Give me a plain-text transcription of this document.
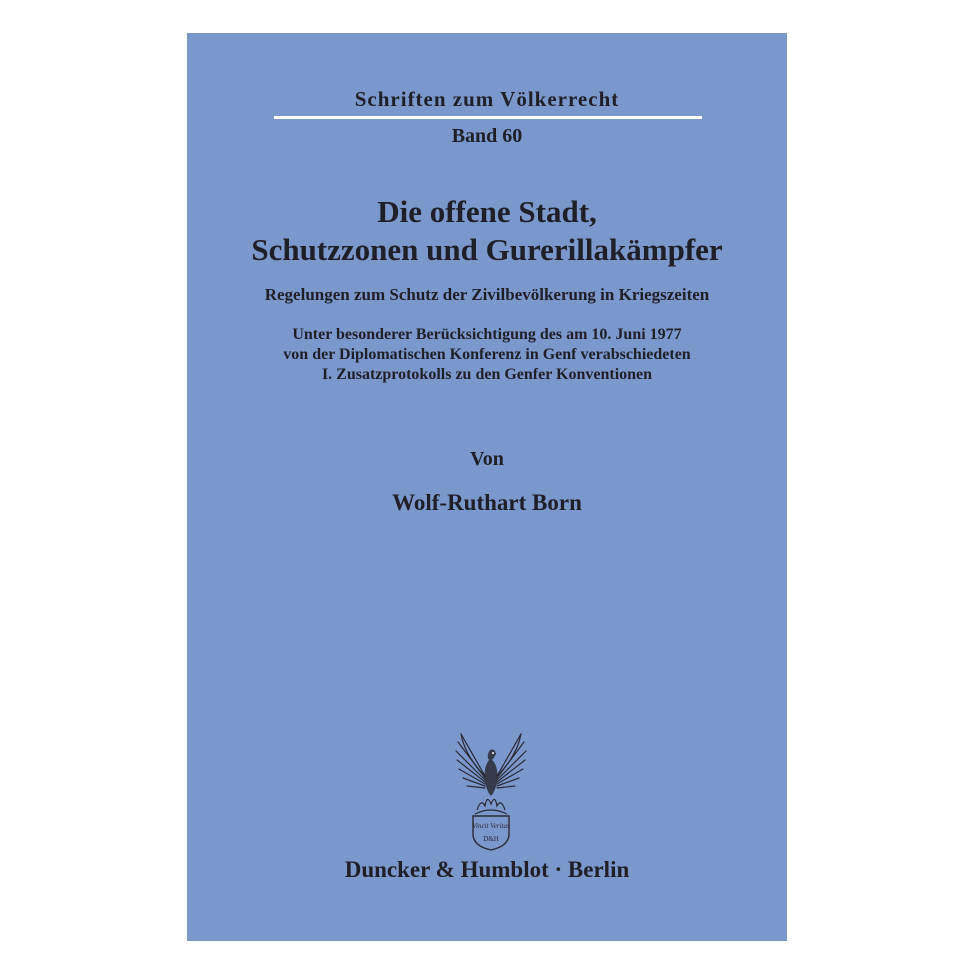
Schriften zum Völkerrecht
Band 60
Die offene Stadt,
Schutzzonen und Gurerillakämpfer
Regelungen zum Schutz der Zivilbevölkerung in Kriegszeiten
Unter besonderer Berücksichtigung des am 10. Juni 1977
von der Diplomatischen Konferenz in Genf verabschiedeten
I. Zusatzprotokolls zu den Genfer Konventionen
Von
Wolf-Ruthart Born
Vincit Veritas
D&H
Duncker & Humblot · Berlin
